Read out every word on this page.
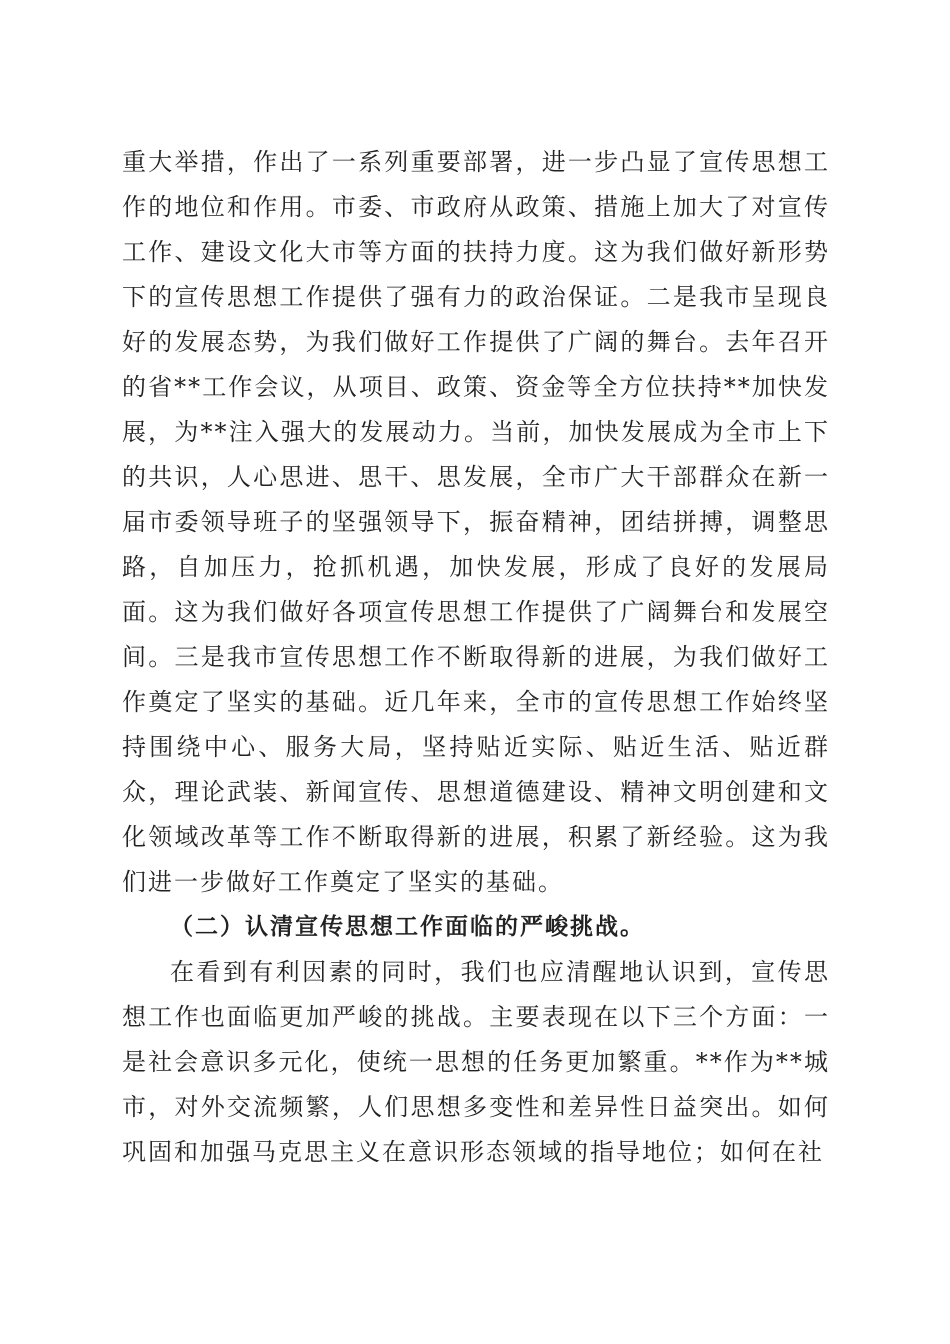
重大举措，作出了一系列重要部署，进一步凸显了宣传思想工作的地位和作用。市委、市政府从政策、措施上加大了对宣传工作、建设文化大市等方面的扶持力度。这为我们做好新形势下的宣传思想工作提供了强有力的政治保证。二是我市呈现良好的发展态势，为我们做好工作提供了广阔的舞台。去年召开的省**工作会议，从项目、政策、资金等全方位扶持**加快发展，为**注入强大的发展动力。当前，加快发展成为全市上下的共识，人心思进、思干、思发展，全市广大干部群众在新一届市委领导班子的坚强领导下，振奋精神，团结拼搏，调整思路，自加压力，抢抓机遇，加快发展，形成了良好的发展局面。这为我们做好各项宣传思想工作提供了广阔舞台和发展空间。三是我市宣传思想工作不断取得新的进展，为我们做好工作奠定了坚实的基础。近几年来，全市的宣传思想工作始终坚持围绕中心、服务大局，坚持贴近实际、贴近生活、贴近群众，理论武装、新闻宣传、思想道德建设、精神文明创建和文化领域改革等工作不断取得新的进展，积累了新经验。这为我们进一步做好工作奠定了坚实的基础。

（二）认清宣传思想工作面临的严峻挑战。

在看到有利因素的同时，我们也应清醒地认识到，宣传思想工作也面临更加严峻的挑战。主要表现在以下三个方面：一是社会意识多元化，使统一思想的任务更加繁重。**作为**城市，对外交流频繁，人们思想多变性和差异性日益突出。如何巩固和加强马克思主义在意识形态领域的指导地位；如何在社
